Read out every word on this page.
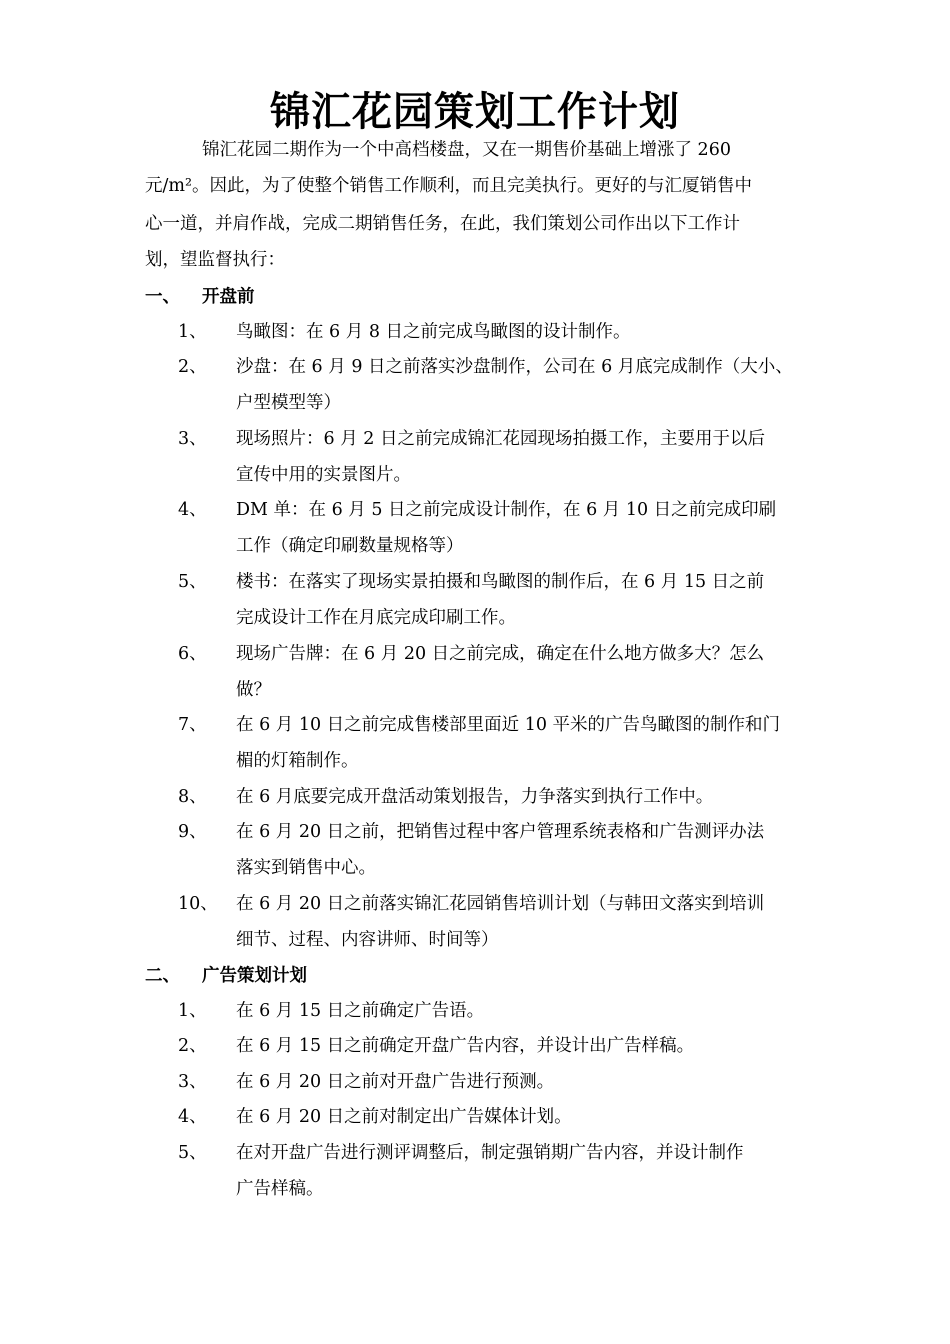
锦汇花园策划工作计划
锦汇花园二期作为一个中高档楼盘，又在一期售价基础上增涨了 260
元/m²。因此，为了使整个销售工作顺利，而且完美执行。更好的与汇厦销售中
心一道，并肩作战，完成二期销售任务，在此，我们策划公司作出以下工作计
划，望监督执行：
一、 开盘前
1、 鸟瞰图：在 6 月 8 日之前完成鸟瞰图的设计制作。
2、 沙盘：在 6 月 9 日之前落实沙盘制作，公司在 6 月底完成制作（大小、
户型模型等）
3、 现场照片：6 月 2 日之前完成锦汇花园现场拍摄工作，主要用于以后
宣传中用的实景图片。
4、 DM 单：在 6 月 5 日之前完成设计制作，在 6 月 10 日之前完成印刷
工作（确定印刷数量规格等）
5、 楼书：在落实了现场实景拍摄和鸟瞰图的制作后，在 6 月 15 日之前
完成设计工作在月底完成印刷工作。
6、 现场广告牌：在 6 月 20 日之前完成，确定在什么地方做多大？怎么
做？
7、 在 6 月 10 日之前完成售楼部里面近 10 平米的广告鸟瞰图的制作和门
楣的灯箱制作。
8、 在 6 月底要完成开盘活动策划报告，力争落实到执行工作中。
9、 在 6 月 20 日之前，把销售过程中客户管理系统表格和广告测评办法
落实到销售中心。
10、 在 6 月 20 日之前落实锦汇花园销售培训计划（与韩田文落实到培训
细节、过程、内容讲师、时间等）
二、 广告策划计划
1、 在 6 月 15 日之前确定广告语。
2、 在 6 月 15 日之前确定开盘广告内容，并设计出广告样稿。
3、 在 6 月 20 日之前对开盘广告进行预测。
4、 在 6 月 20 日之前对制定出广告媒体计划。
5、 在对开盘广告进行测评调整后，制定强销期广告内容，并设计制作
广告样稿。
